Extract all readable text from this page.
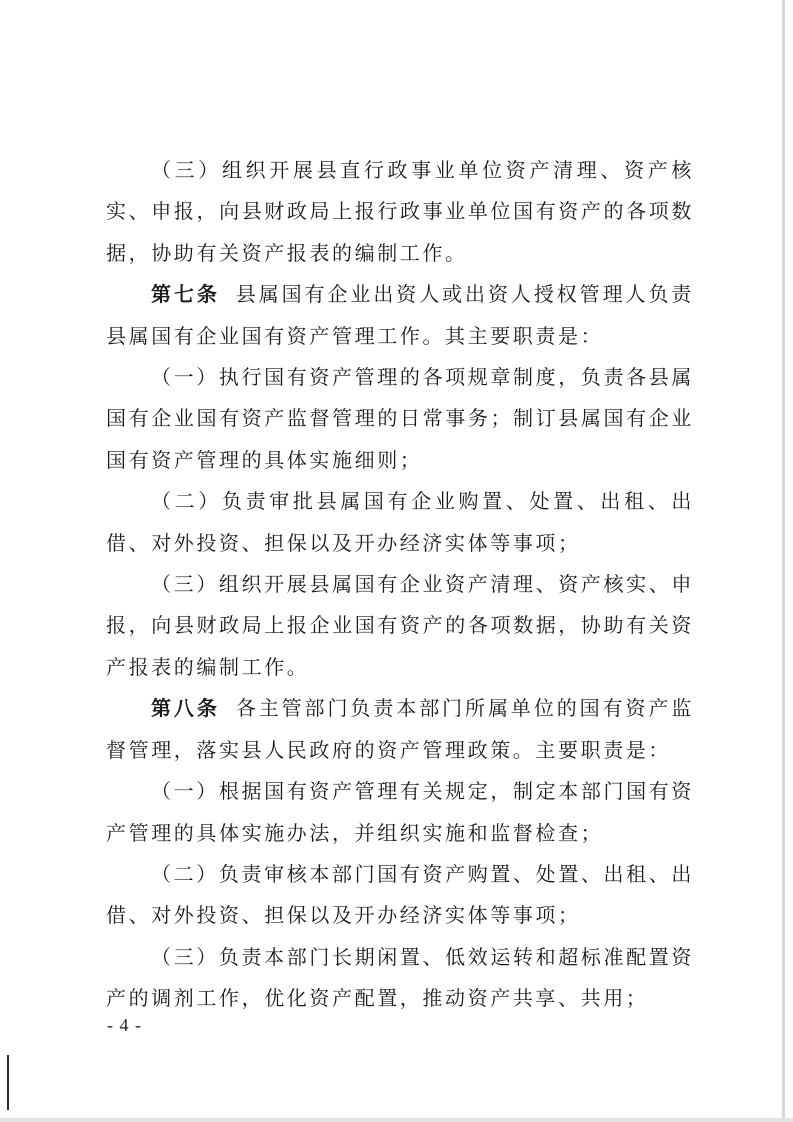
（三）组织开展县直行政事业单位资产清理、资产核实、申报，向县财政局上报行政事业单位国有资产的各项数据，协助有关资产报表的编制工作。

第七条 县属国有企业出资人或出资人授权管理人负责县属国有企业国有资产管理工作。其主要职责是：

（一）执行国有资产管理的各项规章制度，负责各县属国有企业国有资产监督管理的日常事务；制订县属国有企业国有资产管理的具体实施细则；

（二）负责审批县属国有企业购置、处置、出租、出借、对外投资、担保以及开办经济实体等事项；

（三）组织开展县属国有企业资产清理、资产核实、申报，向县财政局上报企业国有资产的各项数据，协助有关资产报表的编制工作。

第八条 各主管部门负责本部门所属单位的国有资产监督管理，落实县人民政府的资产管理政策。主要职责是：

（一）根据国有资产管理有关规定，制定本部门国有资产管理的具体实施办法，并组织实施和监督检查；

（二）负责审核本部门国有资产购置、处置、出租、出借、对外投资、担保以及开办经济实体等事项；

（三）负责本部门长期闲置、低效运转和超标准配置资产的调剂工作，优化资产配置，推动资产共享、共用；

- 4 -
